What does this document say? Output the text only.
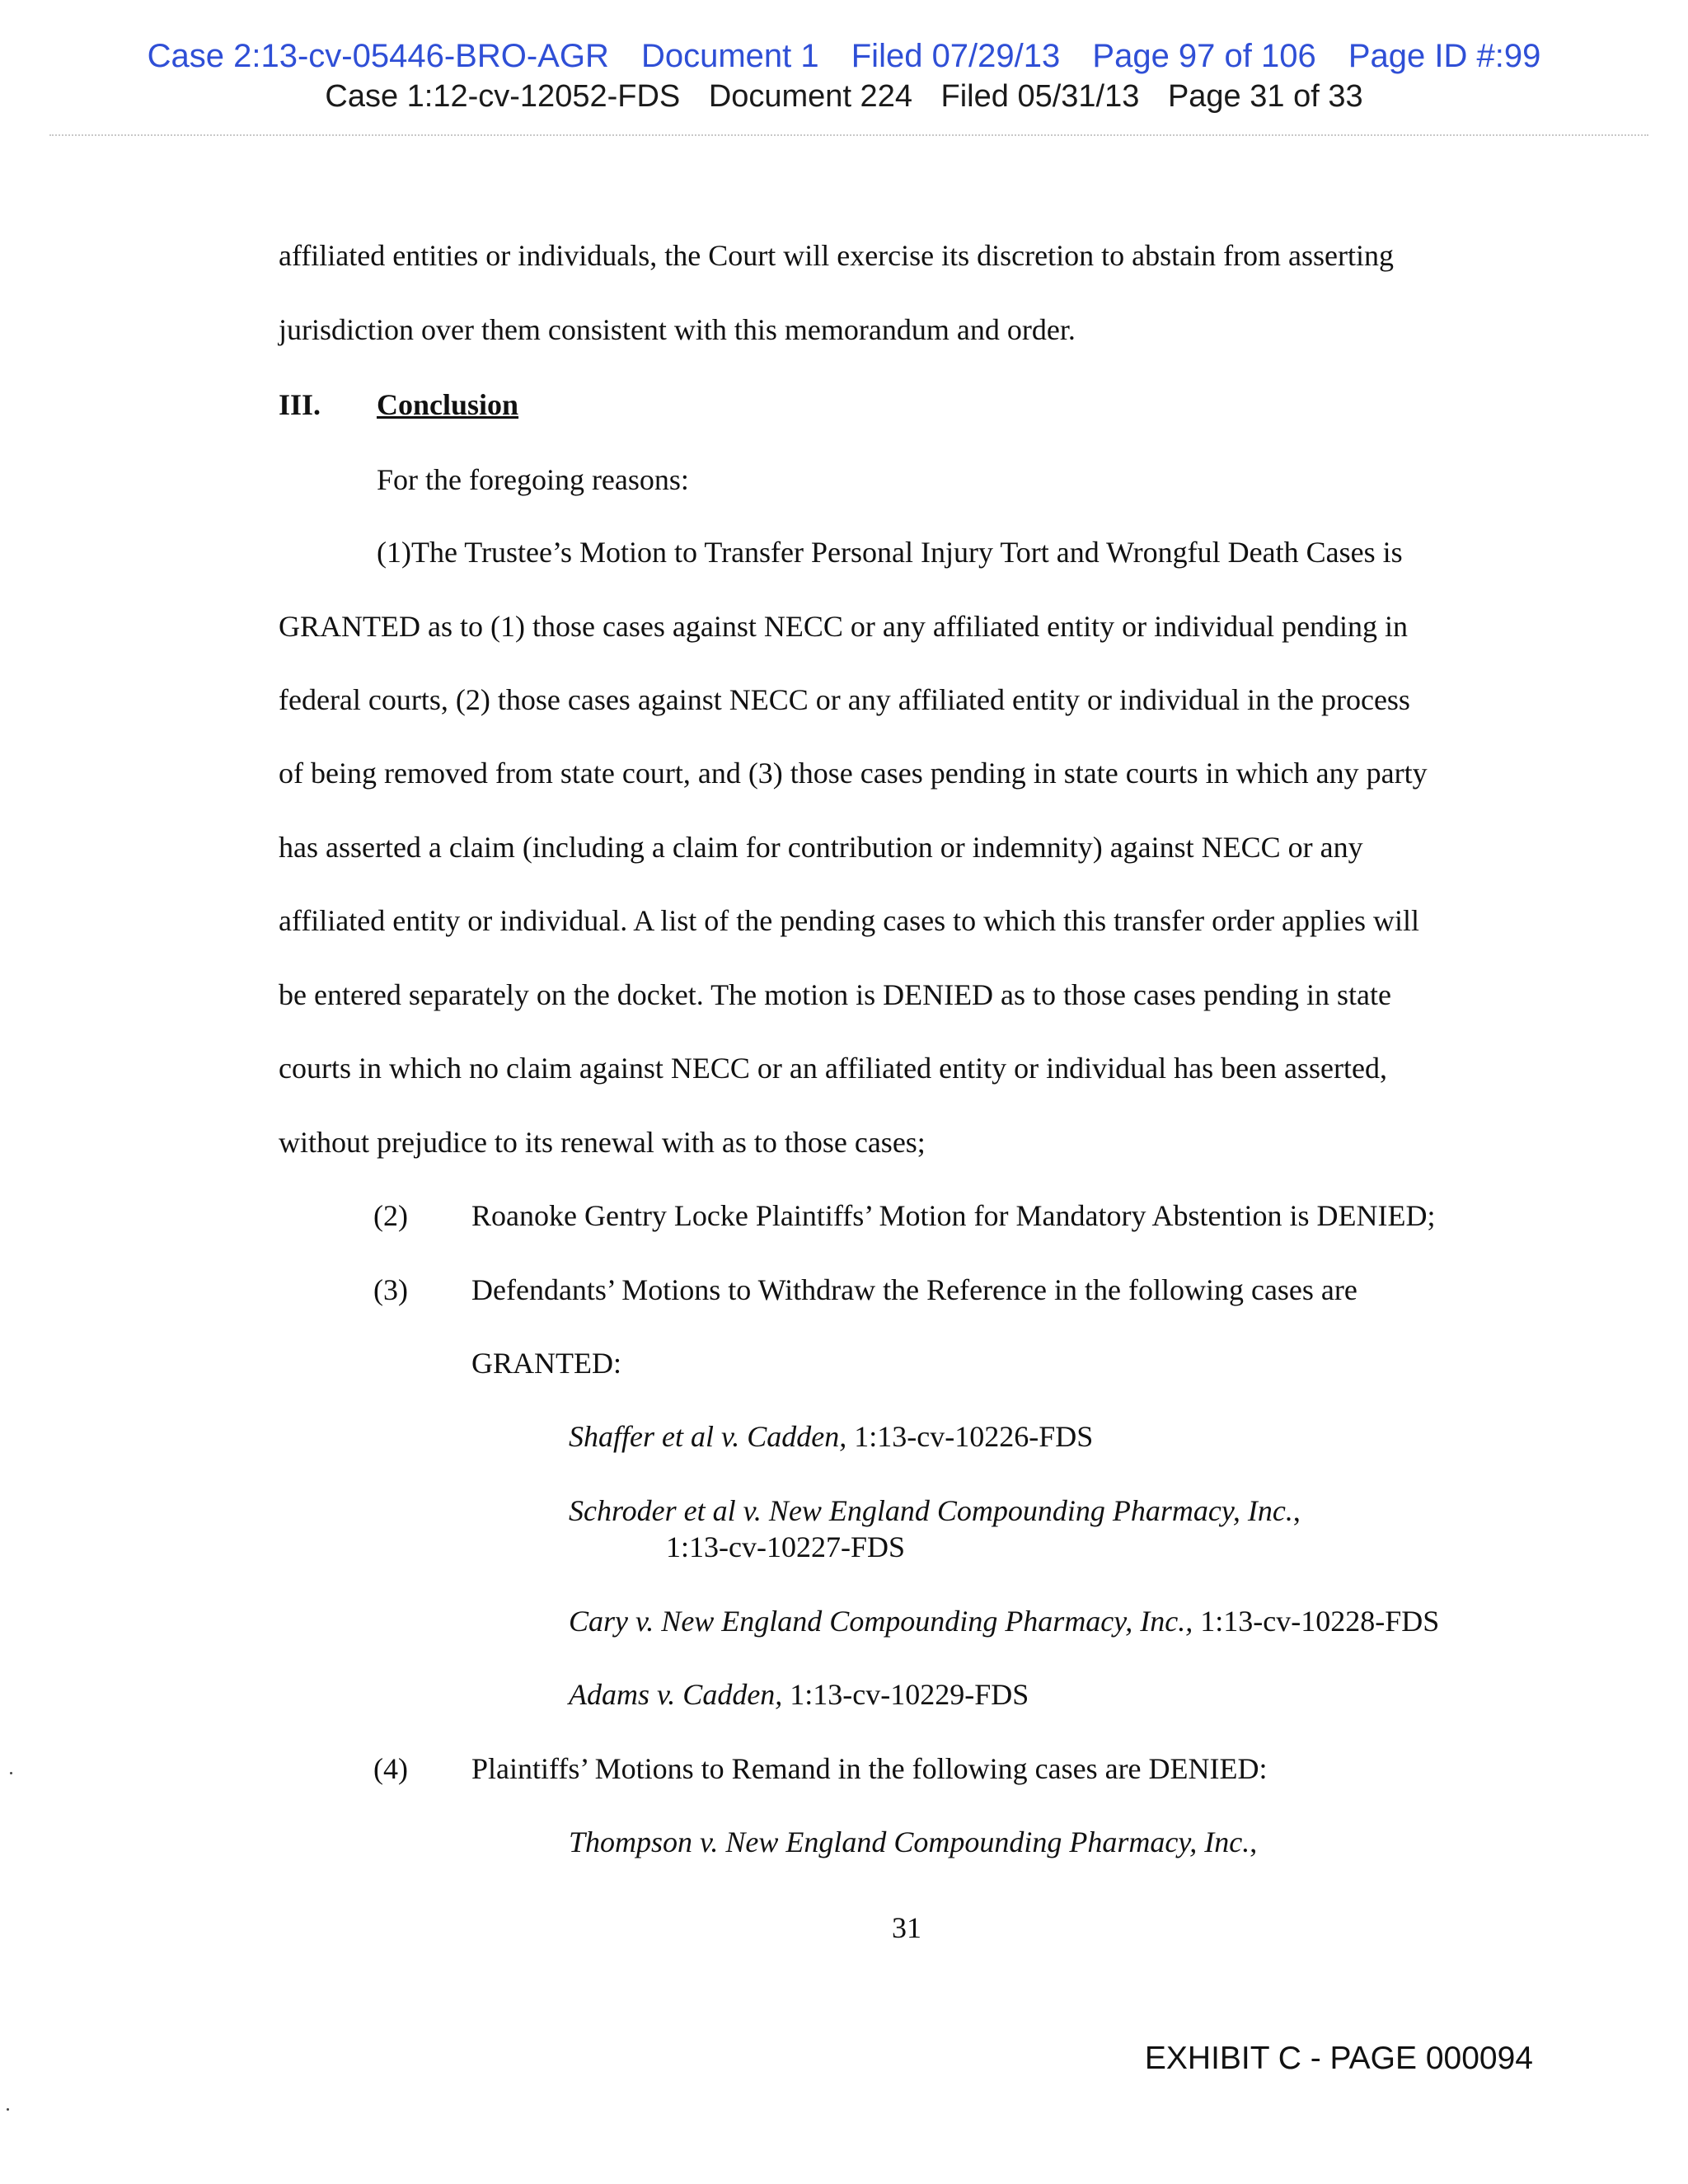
Case 2:13-cv-05446-BRO-AGR Document 1 Filed 07/29/13 Page 97 of 106 Page ID #:99
Case 1:12-cv-12052-FDS Document 224 Filed 05/31/13 Page 31 of 33
affiliated entities or individuals, the Court will exercise its discretion to abstain from asserting
jurisdiction over them consistent with this memorandum and order.
III. Conclusion
For the foregoing reasons:
(1)The Trustee’s Motion to Transfer Personal Injury Tort and Wrongful Death Cases is
GRANTED as to (1) those cases against NECC or any affiliated entity or individual pending in
federal courts, (2) those cases against NECC or any affiliated entity or individual in the process
of being removed from state court, and (3) those cases pending in state courts in which any party
has asserted a claim (including a claim for contribution or indemnity) against NECC or any
affiliated entity or individual. A list of the pending cases to which this transfer order applies will
be entered separately on the docket. The motion is DENIED as to those cases pending in state
courts in which no claim against NECC or an affiliated entity or individual has been asserted,
without prejudice to its renewal with as to those cases;
(2) Roanoke Gentry Locke Plaintiffs’ Motion for Mandatory Abstention is DENIED;
(3) Defendants’ Motions to Withdraw the Reference in the following cases are
GRANTED:
Shaffer et al v. Cadden, 1:13-cv-10226-FDS
Schroder et al v. New England Compounding Pharmacy, Inc.,
1:13-cv-10227-FDS
Cary v. New England Compounding Pharmacy, Inc., 1:13-cv-10228-FDS
Adams v. Cadden, 1:13-cv-10229-FDS
(4) Plaintiffs’ Motions to Remand in the following cases are DENIED:
Thompson v. New England Compounding Pharmacy, Inc.,
31
EXHIBIT C - PAGE 000094
